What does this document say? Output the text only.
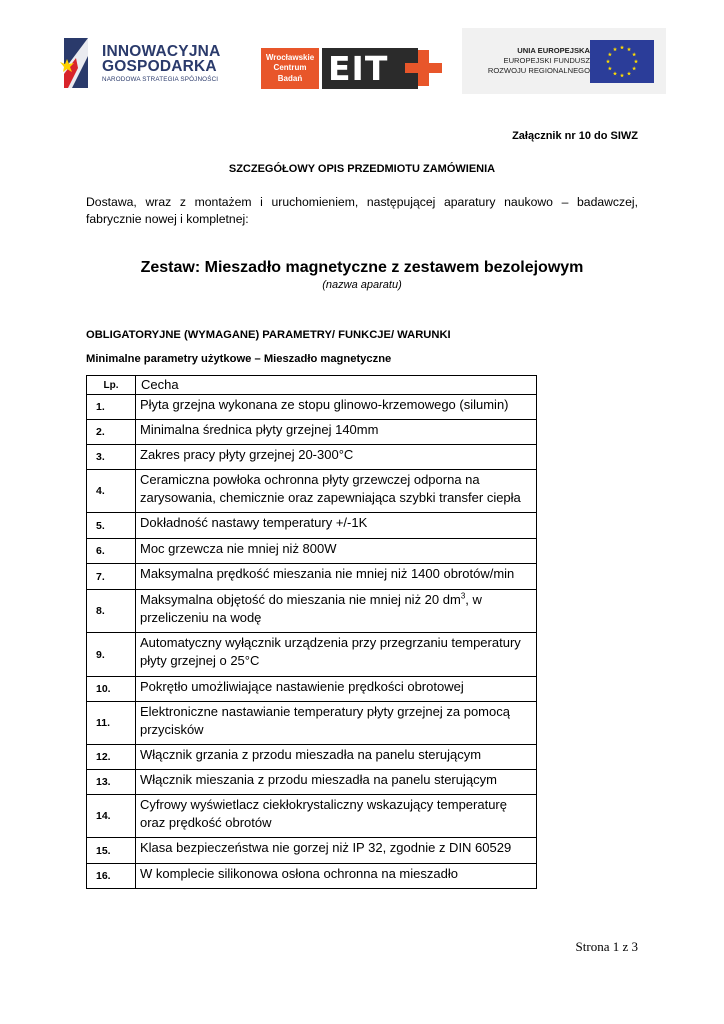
INNOWACYJNA
GOSPODARKA
NARODOWA STRATEGIA SPÓJNOŚCI
Wrocławskie
Centrum
Badań EIT	UNIA EUROPEJSKA
EUROPEJSKI FUNDUSZ
ROZWOJU REGIONALNEGO
Załącznik nr 10 do SIWZ
SZCZEGÓŁOWY OPIS PRZEDMIOTU ZAMÓWIENIA
Dostawa, wraz z montażem i uruchomieniem, następującej aparatury naukowo – badawczej, fabrycznie nowej i kompletnej:
Zestaw: Mieszadło magnetyczne z zestawem bezolejowym
(nazwa aparatu)
OBLIGATORYJNE (WYMAGANE) PARAMETRY/ FUNKCJE/ WARUNKI
Minimalne parametry użytkowe – Mieszadło magnetyczne
Lp.	Cecha
1.	Płyta grzejna wykonana ze stopu glinowo-krzemowego (silumin)
2.	Minimalna średnica płyty grzejnej 140mm
3.	Zakres pracy płyty grzejnej 20-300°C
4.	Ceramiczna powłoka ochronna płyty grzewczej odporna na zarysowania, chemicznie oraz zapewniająca szybki transfer ciepła
5.	Dokładność nastawy temperatury +/-1K
6.	Moc grzewcza nie mniej niż 800W
7.	Maksymalna prędkość mieszania nie mniej niż 1400 obrotów/min
8.	Maksymalna objętość do mieszania nie mniej niż 20 $dm^3$, w przeliczeniu na wodę
9.	Automatyczny wyłącznik urządzenia przy przegrzaniu temperatury płyty grzejnej o 25°C
10.	Pokrętło umożliwiające nastawienie prędkości obrotowej
11.	Elektroniczne nastawianie temperatury płyty grzejnej za pomocą przycisków
12.	Włącznik grzania z przodu mieszadła na panelu sterującym
13.	Włącznik mieszania z przodu mieszadła na panelu sterującym
14.	Cyfrowy wyświetlacz ciekłokrystaliczny wskazujący temperaturę oraz prędkość obrotów
15.	Klasa bezpieczeństwa nie gorzej niż IP 32, zgodnie z DIN 60529
16.	W komplecie silikonowa osłona ochronna na mieszadło
Strona 1 z 3
